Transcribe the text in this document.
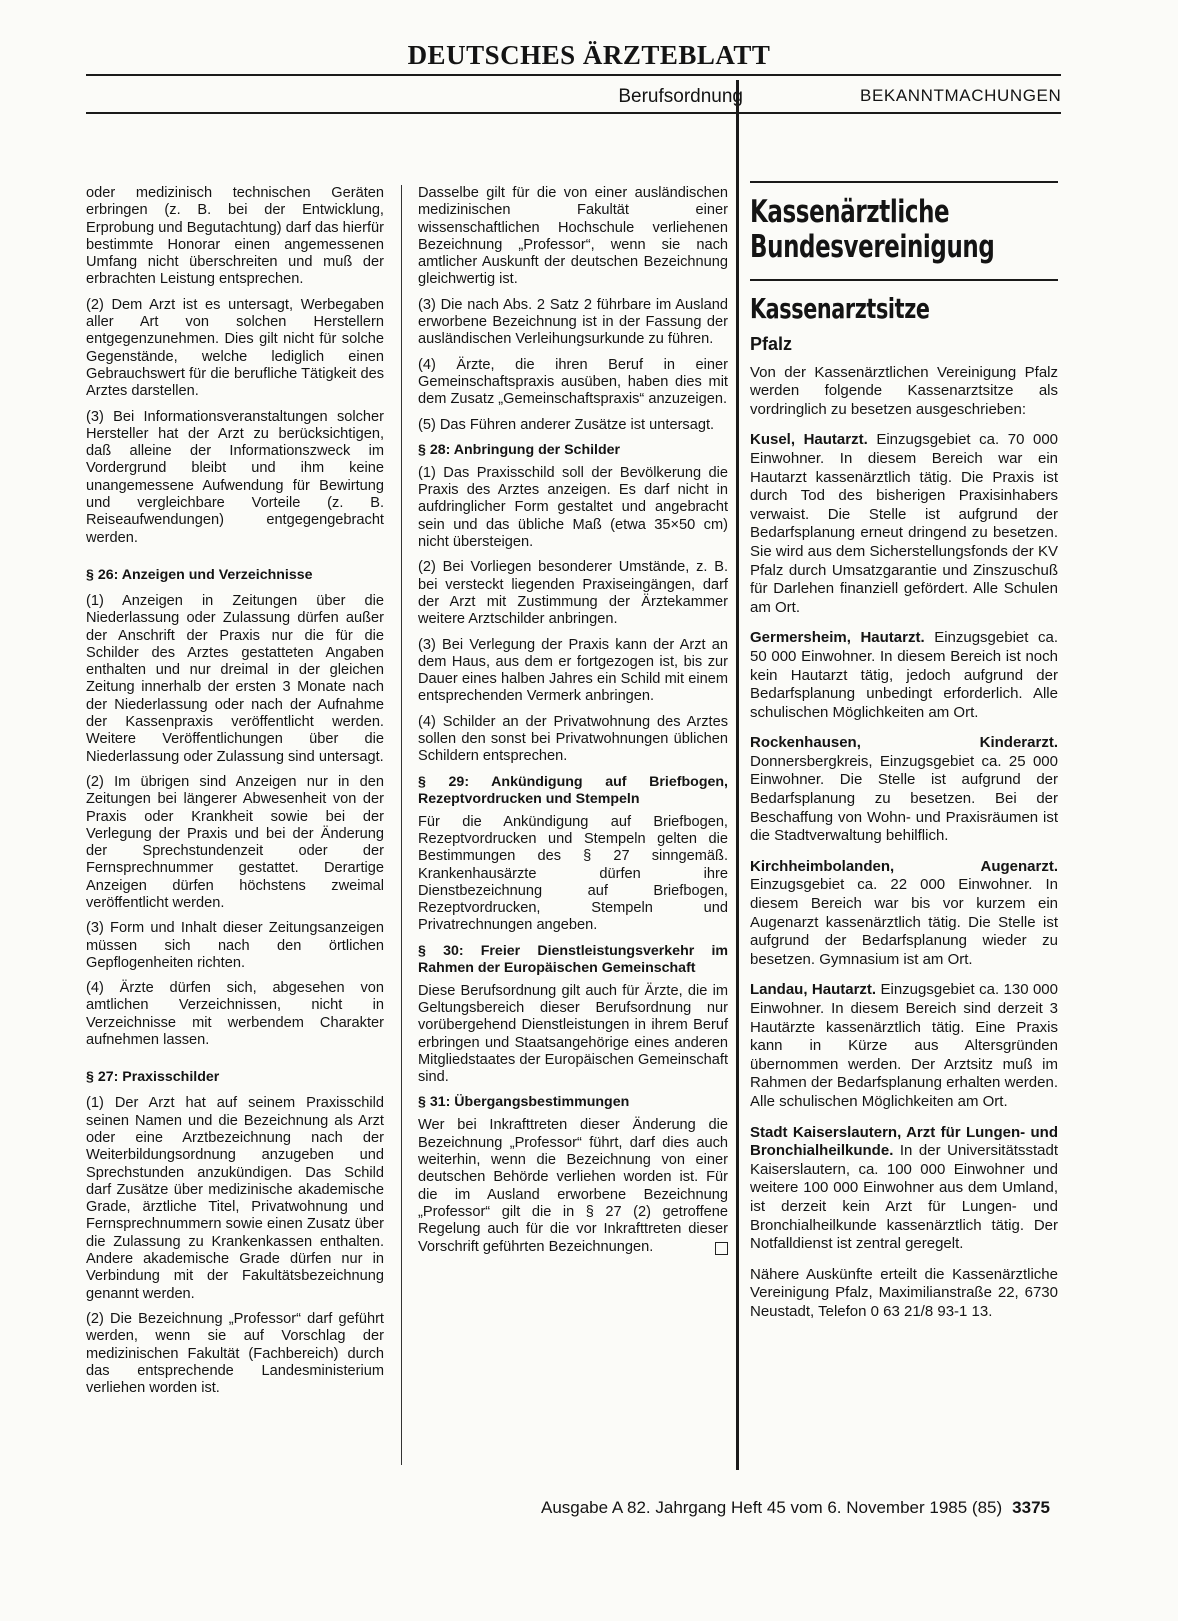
DEUTSCHES ÄRZTEBLATT
Berufsordnung	BEKANNTMACHUNGEN

oder medizinisch technischen Geräten erbringen (z. B. bei der Entwicklung, Erprobung und Begutachtung) darf das hierfür bestimmte Honorar einen angemessenen Umfang nicht überschreiten und muß der erbrachten Leistung entsprechen.

(2) Dem Arzt ist es untersagt, Werbegaben aller Art von solchen Herstellern entgegenzunehmen. Dies gilt nicht für solche Gegenstände, welche lediglich einen Gebrauchswert für die berufliche Tätigkeit des Arztes darstellen.

(3) Bei Informationsveranstaltungen solcher Hersteller hat der Arzt zu berücksichtigen, daß alleine der Informationszweck im Vordergrund bleibt und ihm keine unangemessene Aufwendung für Bewirtung und vergleichbare Vorteile (z. B. Reiseaufwendungen) entgegengebracht werden.

§ 26: Anzeigen und Verzeichnisse

(1) Anzeigen in Zeitungen über die Niederlassung oder Zulassung dürfen außer der Anschrift der Praxis nur die für die Schilder des Arztes gestatteten Angaben enthalten und nur dreimal in der gleichen Zeitung innerhalb der ersten 3 Monate nach der Niederlassung oder nach der Aufnahme der Kassenpraxis veröffentlicht werden. Weitere Veröffentlichungen über die Niederlassung oder Zulassung sind untersagt.

(2) Im übrigen sind Anzeigen nur in den Zeitungen bei längerer Abwesenheit von der Praxis oder Krankheit sowie bei der Verlegung der Praxis und bei der Änderung der Sprechstundenzeit oder der Fernsprechnummer gestattet. Derartige Anzeigen dürfen höchstens zweimal veröffentlicht werden.

(3) Form und Inhalt dieser Zeitungsanzeigen müssen sich nach den örtlichen Gepflogenheiten richten.

(4) Ärzte dürfen sich, abgesehen von amtlichen Verzeichnissen, nicht in Verzeichnisse mit werbendem Charakter aufnehmen lassen.

§ 27: Praxisschilder

(1) Der Arzt hat auf seinem Praxisschild seinen Namen und die Bezeichnung als Arzt oder eine Arztbezeichnung nach der Weiterbildungsordnung anzugeben und Sprechstunden anzukündigen. Das Schild darf Zusätze über medizinische akademische Grade, ärztliche Titel, Privatwohnung und Fernsprechnummern sowie einen Zusatz über die Zulassung zu Krankenkassen enthalten. Andere akademische Grade dürfen nur in Verbindung mit der Fakultätsbezeichnung genannt werden.

(2) Die Bezeichnung „Professor“ darf geführt werden, wenn sie auf Vorschlag der medizinischen Fakultät (Fachbereich) durch das entsprechende Landesministerium verliehen worden ist.

Dasselbe gilt für die von einer ausländischen medizinischen Fakultät einer wissenschaftlichen Hochschule verliehenen Bezeichnung „Professor“, wenn sie nach amtlicher Auskunft der deutschen Bezeichnung gleichwertig ist.

(3) Die nach Abs. 2 Satz 2 führbare im Ausland erworbene Bezeichnung ist in der Fassung der ausländischen Verleihungsurkunde zu führen.

(4) Ärzte, die ihren Beruf in einer Gemeinschaftspraxis ausüben, haben dies mit dem Zusatz „Gemeinschaftspraxis“ anzuzeigen.

(5) Das Führen anderer Zusätze ist untersagt.

§ 28: Anbringung der Schilder

(1) Das Praxisschild soll der Bevölkerung die Praxis des Arztes anzeigen. Es darf nicht in aufdringlicher Form gestaltet und angebracht sein und das übliche Maß (etwa 35×50 cm) nicht übersteigen.

(2) Bei Vorliegen besonderer Umstände, z. B. bei versteckt liegenden Praxiseingängen, darf der Arzt mit Zustimmung der Ärztekammer weitere Arztschilder anbringen.

(3) Bei Verlegung der Praxis kann der Arzt an dem Haus, aus dem er fortgezogen ist, bis zur Dauer eines halben Jahres ein Schild mit einem entsprechenden Vermerk anbringen.

(4) Schilder an der Privatwohnung des Arztes sollen den sonst bei Privatwohnungen üblichen Schildern entsprechen.

§ 29: Ankündigung auf Briefbogen, Rezeptvordrucken und Stempeln

Für die Ankündigung auf Briefbogen, Rezeptvordrucken und Stempeln gelten die Bestimmungen des § 27 sinngemäß. Krankenhausärzte dürfen ihre Dienstbezeichnung auf Briefbogen, Rezeptvordrucken, Stempeln und Privatrechnungen angeben.

§ 30: Freier Dienstleistungsverkehr im Rahmen der Europäischen Gemeinschaft

Diese Berufsordnung gilt auch für Ärzte, die im Geltungsbereich dieser Berufsordnung nur vorübergehend Dienstleistungen in ihrem Beruf erbringen und Staatsangehörige eines anderen Mitgliedstaates der Europäischen Gemeinschaft sind.

§ 31: Übergangsbestimmungen

Wer bei Inkrafttreten dieser Änderung die Bezeichnung „Professor“ führt, darf dies auch weiterhin, wenn die Bezeichnung von einer deutschen Behörde verliehen worden ist. Für die im Ausland erworbene Bezeichnung „Professor“ gilt die in § 27 (2) getroffene Regelung auch für die vor Inkrafttreten dieser Vorschrift geführten Bezeichnungen.

Kassenärztliche
Bundesvereinigung
Kassenarztsitze
Pfalz

Von der Kassenärztlichen Vereinigung Pfalz werden folgende Kassenarztsitze als vordringlich zu besetzen ausgeschrieben:

Kusel, Hautarzt. Einzugsgebiet ca. 70 000 Einwohner. In diesem Bereich war ein Hautarzt kassenärztlich tätig. Die Praxis ist durch Tod des bisherigen Praxisinhabers verwaist. Die Stelle ist aufgrund der Bedarfsplanung erneut dringend zu besetzen. Sie wird aus dem Sicherstellungsfonds der KV Pfalz durch Umsatzgarantie und Zinszuschuß für Darlehen finanziell gefördert. Alle Schulen am Ort.

Germersheim, Hautarzt. Einzugsgebiet ca. 50 000 Einwohner. In diesem Bereich ist noch kein Hautarzt tätig, jedoch aufgrund der Bedarfsplanung unbedingt erforderlich. Alle schulischen Möglichkeiten am Ort.

Rockenhausen, Kinderarzt. Donnersbergkreis, Einzugsgebiet ca. 25 000 Einwohner. Die Stelle ist aufgrund der Bedarfsplanung zu besetzen. Bei der Beschaffung von Wohn- und Praxisräumen ist die Stadtverwaltung behilflich.

Kirchheimbolanden, Augenarzt. Einzugsgebiet ca. 22 000 Einwohner. In diesem Bereich war bis vor kurzem ein Augenarzt kassenärztlich tätig. Die Stelle ist aufgrund der Bedarfsplanung wieder zu besetzen. Gymnasium ist am Ort.

Landau, Hautarzt. Einzugsgebiet ca. 130 000 Einwohner. In diesem Bereich sind derzeit 3 Hautärzte kassenärztlich tätig. Eine Praxis kann in Kürze aus Altersgründen übernommen werden. Der Arztsitz muß im Rahmen der Bedarfsplanung erhalten werden. Alle schulischen Möglichkeiten am Ort.

Stadt Kaiserslautern, Arzt für Lungen- und Bronchialheilkunde. In der Universitätsstadt Kaiserslautern, ca. 100 000 Einwohner und weitere 100 000 Einwohner aus dem Umland, ist derzeit kein Arzt für Lungen- und Bronchialheilkunde kassenärztlich tätig. Der Notfalldienst ist zentral geregelt.

Nähere Auskünfte erteilt die Kassenärztliche Vereinigung Pfalz, Maximilianstraße 22, 6730 Neustadt, Telefon 0 63 21/8 93-1 13.

Ausgabe A 82. Jahrgang Heft 45 vom 6. November 1985 (85) 3375
